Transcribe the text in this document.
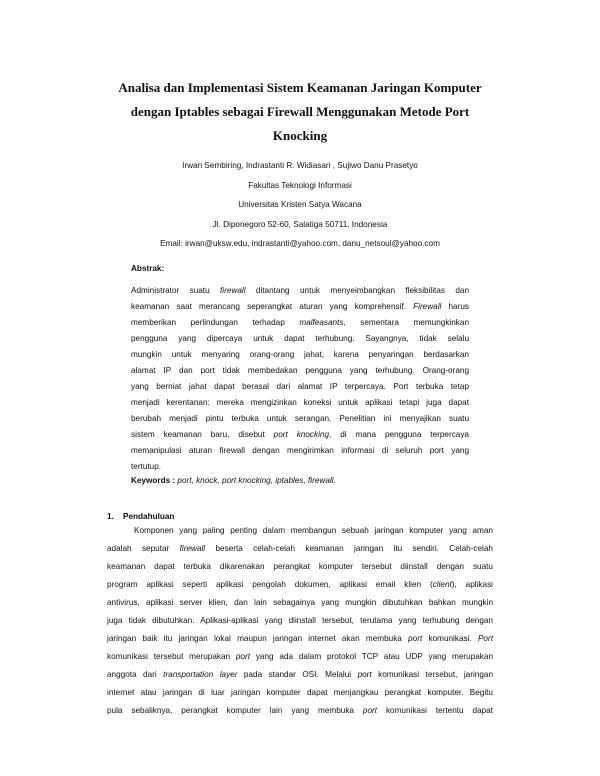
Analisa dan Implementasi Sistem Keamanan Jaringan Komputer
dengan Iptables sebagai Firewall Menggunakan Metode Port
Knocking
Irwan Sembiring, Indrastanti R. Widiasari , Sujiwo Danu Prasetyo
Fakultas Teknologi Informasi
Universitas Kristen Satya Wacana
Jl. Diponegoro 52-60, Salatiga 50711, Indonesia
Email: irwan@uksw.edu, indrastanti@yahoo.com, danu_netsoul@yahoo.com
Abstrak:
Administrator suatu firewall ditantang untuk menyeimbangkan fleksibilitas dan
keamanan saat merancang seperangkat aturan yang komprehensif. Firewall harus
memberikan perlindungan terhadap malfeasants, sementara memungkinkan
pengguna yang dipercaya untuk dapat terhubung. Sayangnya, tidak selalu
mungkin untuk menyaring orang-orang jahat, karena penyaringan berdasarkan
alamat IP dan port tidak membedakan pengguna yang terhubung. Orang-orang
yang berniat jahat dapat berasal dari alamat IP terpercaya. Port terbuka tetap
menjadi kerentanan: mereka mengizinkan koneksi untuk aplikasi tetapi juga dapat
berubah menjadi pintu terbuka untuk serangan. Penelitian ini menyajikan suatu
sistem keamanan baru, disebut port knocking, di mana pengguna terpercaya
memanipulasi aturan firewall dengan mengirimkan informasi di seluruh port yang
tertutup.
Keywords : port, knock, port knocking, iptables, firewall.
1. Pendahuluan
Komponen yang paling penting dalam membangun sebuah jaringan komputer yang aman
adalah seputar firewall beserta celah-celah keamanan jaringan itu sendiri. Celah-celah
keamanan dapat terbuka dikarenakan perangkat komputer tersebut diinstall dengan suatu
program aplikasi seperti aplikasi pengolah dokumen, aplikasi email klien (client), aplikasi
antivirus, aplikasi server klien, dan lain sebagainya yang mungkin dibutuhkan bahkan mungkin
juga tidak dibutuhkan. Aplikasi-aplikasi yang diinstall tersebut, terutama yang terhubung dengan
jaringan baik itu jaringan lokal maupun jaringan internet akan membuka port komunikasi. Port
komunikasi tersebut merupakan port yang ada dalam protokol TCP atau UDP yang merupakan
anggota dari transportation layer pada standar OSI. Melalui port komunikasi tersebut, jaringan
internet atau jaringan di luar jaringan komputer dapat menjangkau perangkat komputer. Begitu
pula sebaliknya, perangkat komputer lain yang membuka port komunikasi tertentu dapat
